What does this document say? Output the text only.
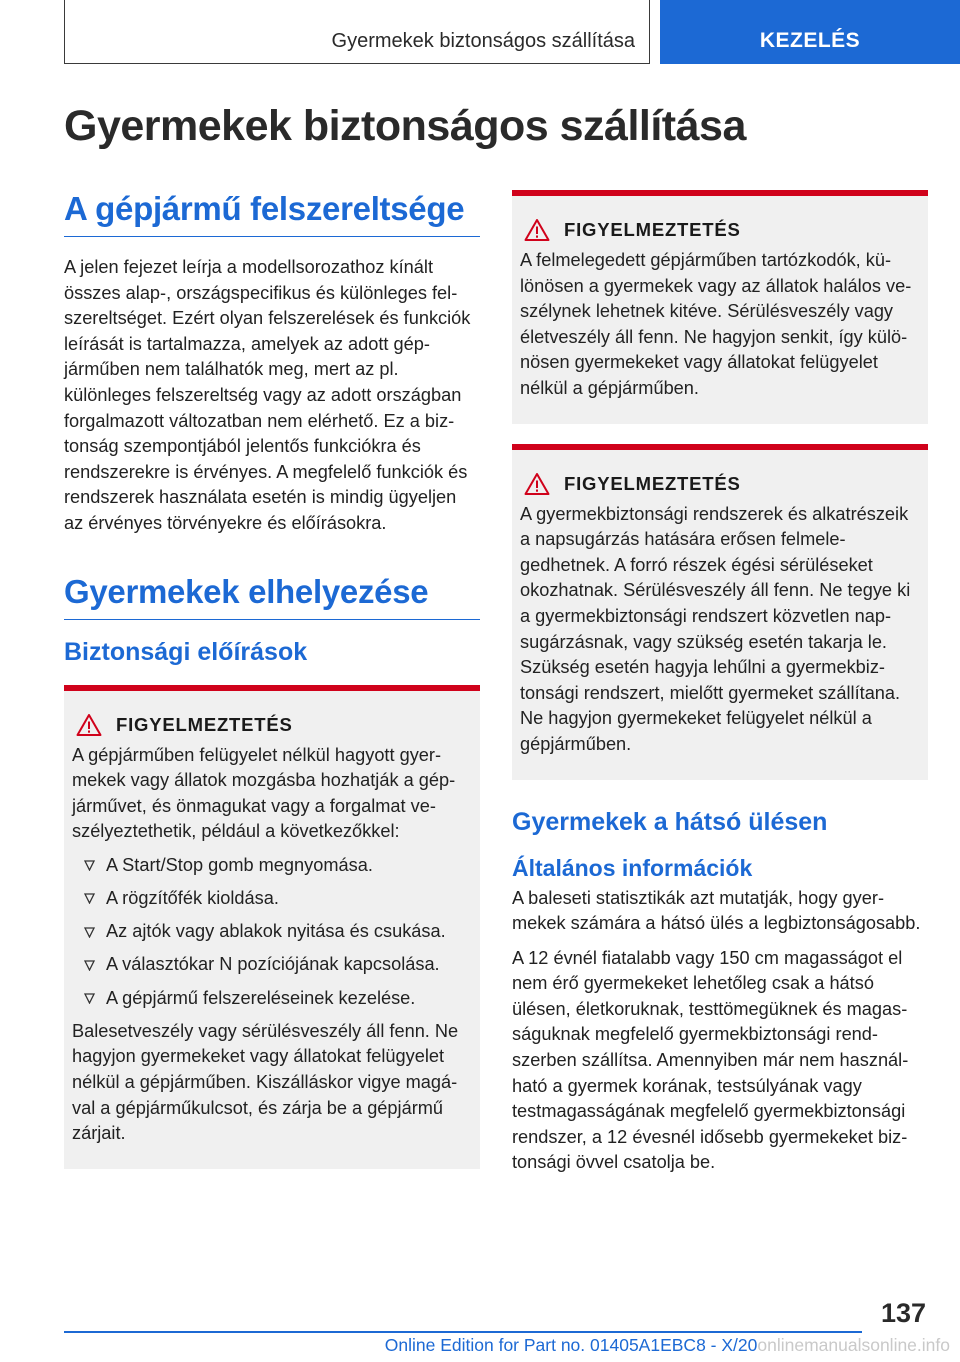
Gyermekek biztonságos szállítása	KEZELÉS
Gyermekek biztonságos szállítása
A gépjármű felszereltsége

A jelen fejezet leírja a modellsorozathoz kínált összes alap-, országspecifikus és különleges felszereltséget. Ezért olyan felszerelések és funkciók leírását is tartalmazza, amelyek az adott gépjárműben nem találhatók meg, mert az pl. különleges felszereltség vagy az adott országban forgalmazott változatban nem elérhető. Ez a biztonság szempontjából jelentős funkciókra és rendszerekre is érvényes. A megfelelő funkciók és rendszerek használata esetén is mindig ügyeljen az érvényes törvényekre és előírásokra.

Gyermekek elhelyezése
Biztonsági előírások
FIGYELMEZTETÉS

A gépjárműben felügyelet nélkül hagyott gyermekek vagy állatok mozgásba hozhatják a gépjárművet, és önmagukat vagy a forgalmat veszélyeztethetik, például a következőkkel:

A Start/Stop gomb megnyomása.
A rögzítőfék kioldása.
Az ajtók vagy ablakok nyitása és csukása.
A választókar N pozíciójának kapcsolása.
A gépjármű felszereléseinek kezelése.

Balesetveszély vagy sérülésveszély áll fenn. Ne hagyjon gyermekeket vagy állatokat felügyelet nélkül a gépjárműben. Kiszálláskor vigye magával a gépjárműkulcsot, és zárja be a gépjármű zárjait.

FIGYELMEZTETÉS

A felmelegedett gépjárműben tartózkodók, különösen a gyermekek vagy az állatok halálos veszélynek lehetnek kitéve. Sérülésveszély vagy életveszély áll fenn. Ne hagyjon senkit, így különösen gyermekeket vagy állatokat felügyelet nélkül a gépjárműben.

FIGYELMEZTETÉS

A gyermekbiztonsági rendszerek és alkatrészeik a napsugárzás hatására erősen felmelegedhetnek. A forró részek égési sérüléseket okozhatnak. Sérülésveszély áll fenn. Ne tegye ki a gyermekbiztonsági rendszert közvetlen napsugárzásnak, vagy szükség esetén takarja le. Szükség esetén hagyja lehűlni a gyermekbiztonsági rendszert, mielőtt gyermeket szállítana. Ne hagyjon gyermekeket felügyelet nélkül a gépjárműben.

Gyermekek a hátsó ülésen
Általános információk

A baleseti statisztikák azt mutatják, hogy gyermekek számára a hátsó ülés a legbiztonságosabb.

A 12 évnél fiatalabb vagy 150 cm magasságot el nem érő gyermekeket lehetőleg csak a hátsó ülésen, életkoruknak, testtömegüknek és magasságuknak megfelelő gyermekbiztonsági rendszerben szállítsa. Amennyiben már nem használható a gyermek korának, testsúlyának vagy testmagasságának megfelelő gyermekbiztonsági rendszer, a 12 évesnél idősebb gyermekeket biztonsági övvel csatolja be.

137
Online Edition for Part no. 01405A1EBC8 - X/20onlinemanualsonline.info
